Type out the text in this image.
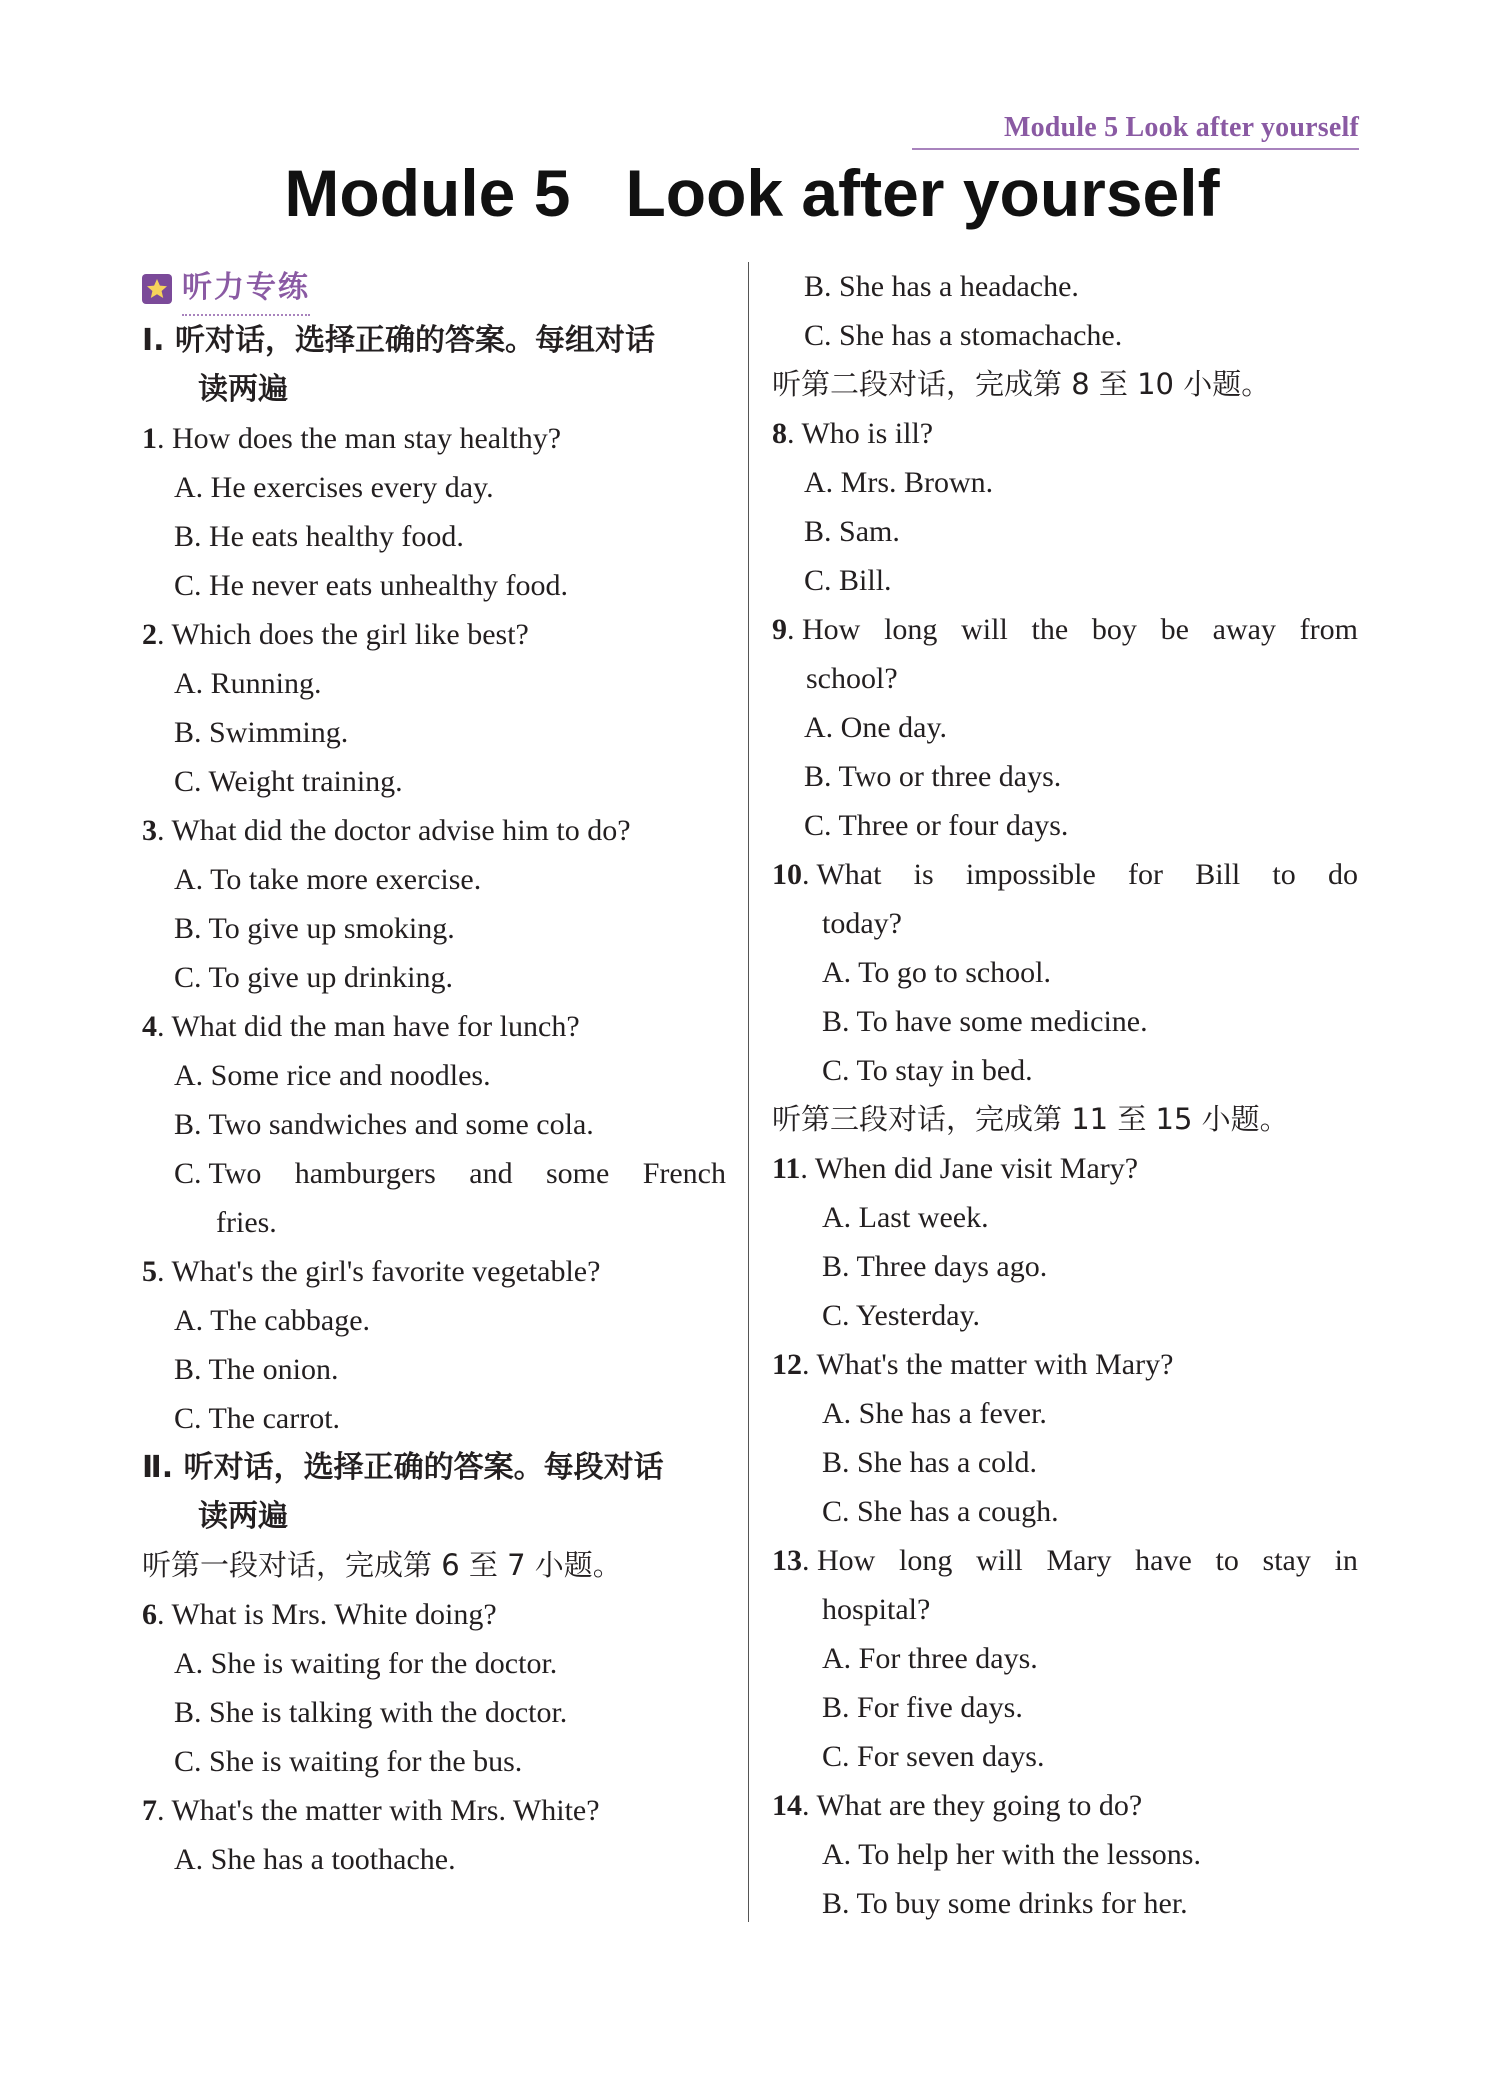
Module 5 Look after yourself
Module 5   Look after yourself
听力专练
Ⅰ. 听对话，选择正确的答案。每组对话
读两遍
1. How does the man stay healthy?
A. He exercises every day.
B. He eats healthy food.
C. He never eats unhealthy food.
2. Which does the girl like best?
A. Running.
B. Swimming.
C. Weight training.
3. What did the doctor advise him to do?
A. To take more exercise.
B. To give up smoking.
C. To give up drinking.
4. What did the man have for lunch?
A. Some rice and noodles.
B. Two sandwiches and some cola.
C. Two hamburgers and some French
fries.
5. What's the girl's favorite vegetable?
A. The cabbage.
B. The onion.
C. The carrot.
Ⅱ. 听对话，选择正确的答案。每段对话
读两遍
听第一段对话，完成第 6 至 7 小题。
6. What is Mrs. White doing?
A. She is waiting for the doctor.
B. She is talking with the doctor.
C. She is waiting for the bus.
7. What's the matter with Mrs. White?
A. She has a toothache.
B. She has a headache.
C. She has a stomachache.
听第二段对话，完成第 8 至 10 小题。
8. Who is ill?
A. Mrs. Brown.
B. Sam.
C. Bill.
9. How long will the boy be away from
school?
A. One day.
B. Two or three days.
C. Three or four days.
10. What is impossible for Bill to do
today?
A. To go to school.
B. To have some medicine.
C. To stay in bed.
听第三段对话，完成第 11 至 15 小题。
11. When did Jane visit Mary?
A. Last week.
B. Three days ago.
C. Yesterday.
12. What's the matter with Mary?
A. She has a fever.
B. She has a cold.
C. She has a cough.
13. How long will Mary have to stay in
hospital?
A. For three days.
B. For five days.
C. For seven days.
14. What are they going to do?
A. To help her with the lessons.
B. To buy some drinks for her.
